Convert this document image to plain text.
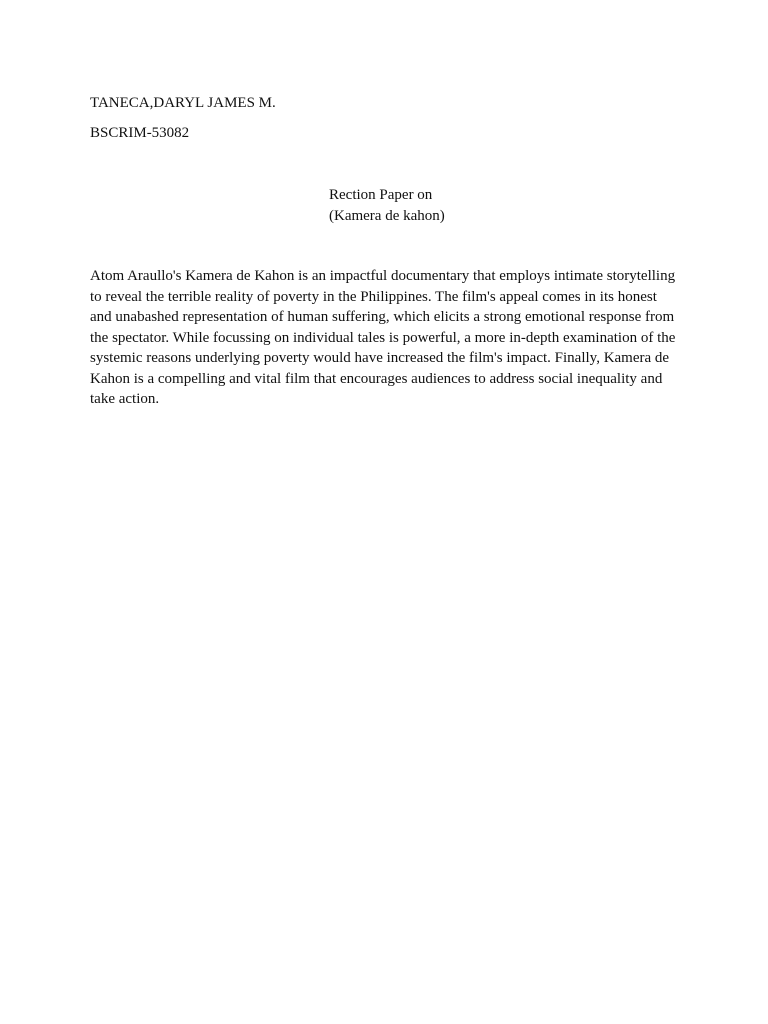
TANECA,DARYL JAMES M.
BSCRIM-53082
Rection Paper on
(Kamera de kahon)

Atom Araullo's Kamera de Kahon is an impactful documentary that employs intimate storytelling to reveal the terrible reality of poverty in the Philippines. The film's appeal comes in its honest and unabashed representation of human suffering, which elicits a strong emotional response from the spectator. While focussing on individual tales is powerful, a more in-depth examination of the systemic reasons underlying poverty would have increased the film's impact. Finally, Kamera de Kahon is a compelling and vital film that encourages audiences to address social inequality and take action.
